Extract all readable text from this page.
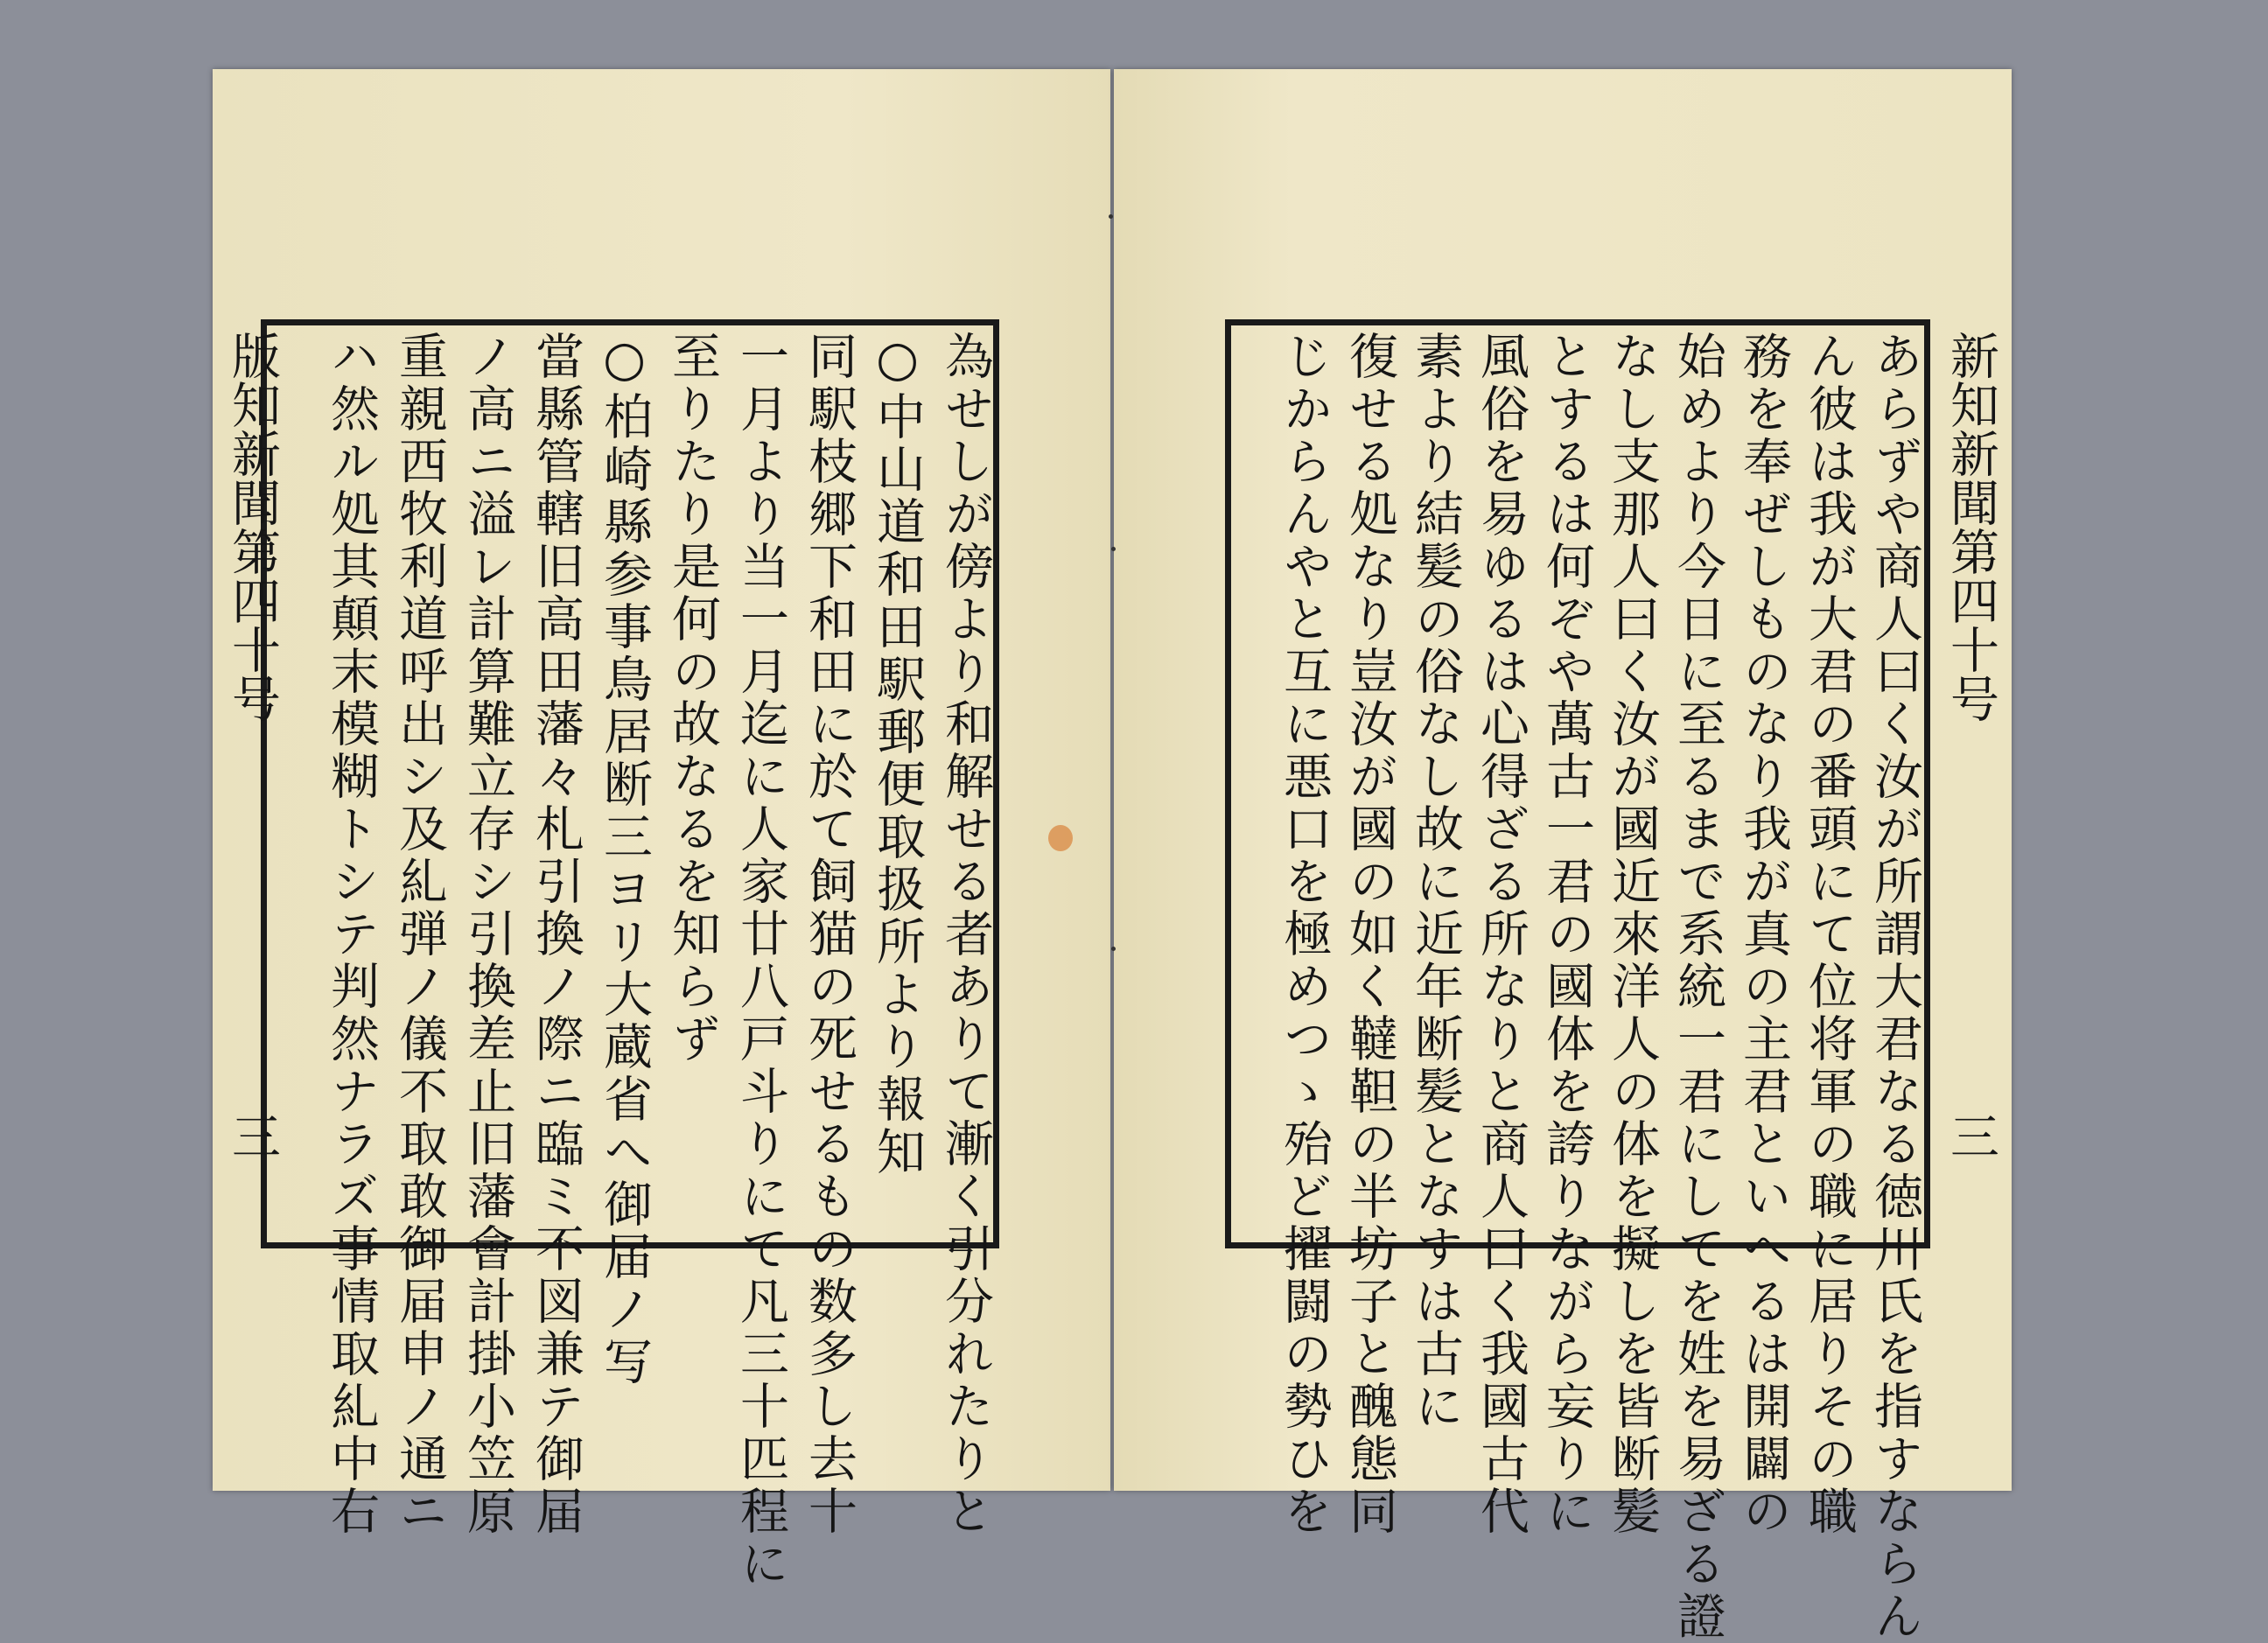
版知新聞第四十号
三
新知新聞第四十号
三
為せしが傍より和解せる者ありて漸く引分れたりと
○中山道和田駅郵便取扱所より報知
同駅枝郷下和田に於て飼猫の死せるもの数多し去十
一月より当一月迄に人家廿八戸斗りにて凡三十匹程に
至りたり是何の故なるを知らず
○柏崎縣参事鳥居断三ヨリ大蔵省へ御届ノ写
當縣管轄旧高田藩々札引換ノ際ニ臨ミ不図兼テ御届
ノ高ニ溢レ計算難立存シ引換差止旧藩會計掛小笠原
重親西牧利道呼出シ及糺弾ノ儀不取敢御届申ノ通ニ
ハ然ル処其顛末模糊トシテ判然ナラズ事情取糺中右	あらずや商人曰く汝が所謂大君なる徳川氏を指すならん
ん彼は我が大君の番頭にて位将軍の職に居りその職
務を奉ぜしものなり我が真の主君といへるは開闢の
始めより今日に至るまで系統一君にしてを姓を易ざる證
なし支那人曰く汝が國近來洋人の体を擬しを皆断髪
とするは何ぞや萬古一君の國体を誇りながら妄りに
風俗を易ゆるは心得ざる所なりと商人曰く我國古代
素より結髪の俗なし故に近年断髪となすは古に
復せる処なり豈汝が國の如く韃靼の半坊子と醜態同
じからんやと互に悪口を極めつゝ殆ど擢闘の勢ひを
